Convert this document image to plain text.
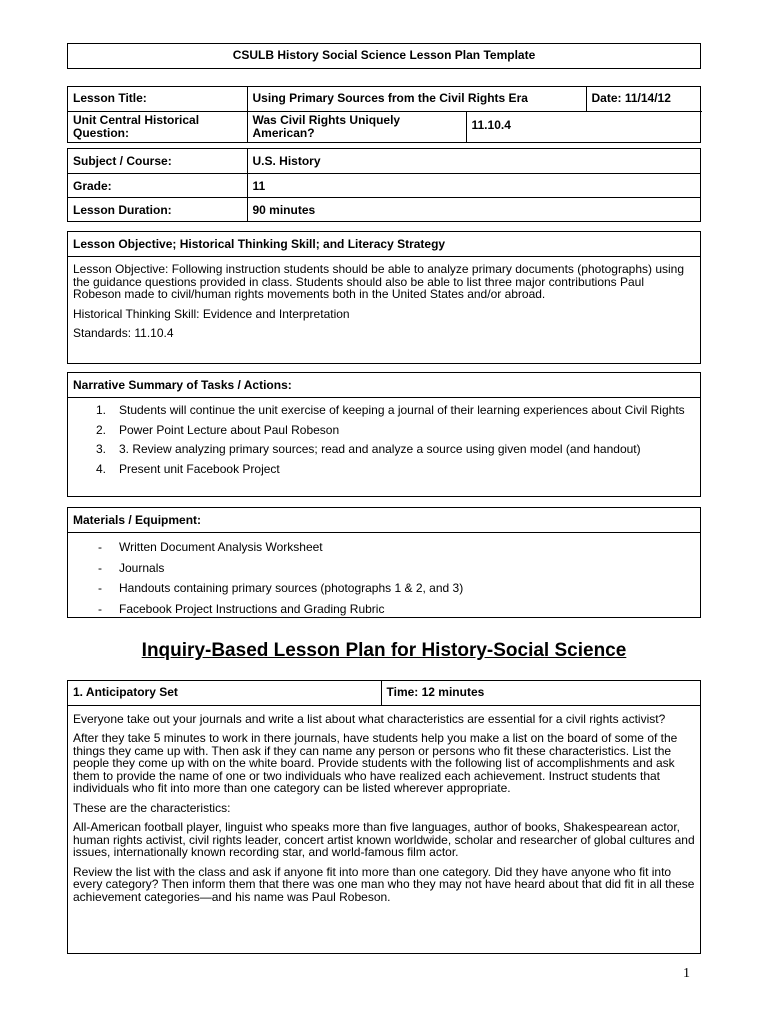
CSULB History Social Science Lesson Plan Template
Lesson Title:	Using Primary Sources from the Civil Rights Era		Date: 11/14/12
Unit Central Historical Question:	Was Civil Rights Uniquely American?	11.10.4	
Subject / Course:	U.S. History
Grade:	11
Lesson Duration:	90 minutes
Lesson Objective; Historical Thinking Skill; and Literacy Strategy

Lesson Objective: Following instruction students should be able to analyze primary documents (photographs) using the guidance questions provided in class. Students should also be able to list three major contributions Paul Robeson made to civil/human rights movements both in the United States and/or abroad.

Historical Thinking Skill: Evidence and Interpretation

Standards: 11.10.4

Narrative Summary of Tasks / Actions:
1. Students will continue the unit exercise of keeping a journal of their learning experiences about Civil Rights
2. Power Point Lecture about Paul Robeson
3. 3. Review analyzing primary sources; read and analyze a source using given model (and handout)
4. Present unit Facebook Project
Materials / Equipment:
- Written Document Analysis Worksheet
- Journals
- Handouts containing primary sources (photographs 1 & 2, and 3)
- Facebook Project Instructions and Grading Rubric
Inquiry-Based Lesson Plan for History-Social Science
1. Anticipatory Set	Time: 12 minutes

Everyone take out your journals and write a list about what characteristics are essential for a civil rights activist?

After they take 5 minutes to work in there journals, have students help you make a list on the board of some of the things they came up with. Then ask if they can name any person or persons who fit these characteristics. List the people they come up with on the white board. Provide students with the following list of accomplishments and ask them to provide the name of one or two individuals who have realized each achievement. Instruct students that individuals who fit into more than one category can be listed wherever appropriate.

These are the characteristics:

All-American football player, linguist who speaks more than five languages, author of books, Shakespearean actor, human rights activist, civil rights leader, concert artist known worldwide, scholar and researcher of global cultures and issues, internationally known recording star, and world-famous film actor.

Review the list with the class and ask if anyone fit into more than one category. Did they have anyone who fit into every category? Then inform them that there was one man who they may not have heard about that did fit in all these achievement categories—and his name was Paul Robeson.

1
